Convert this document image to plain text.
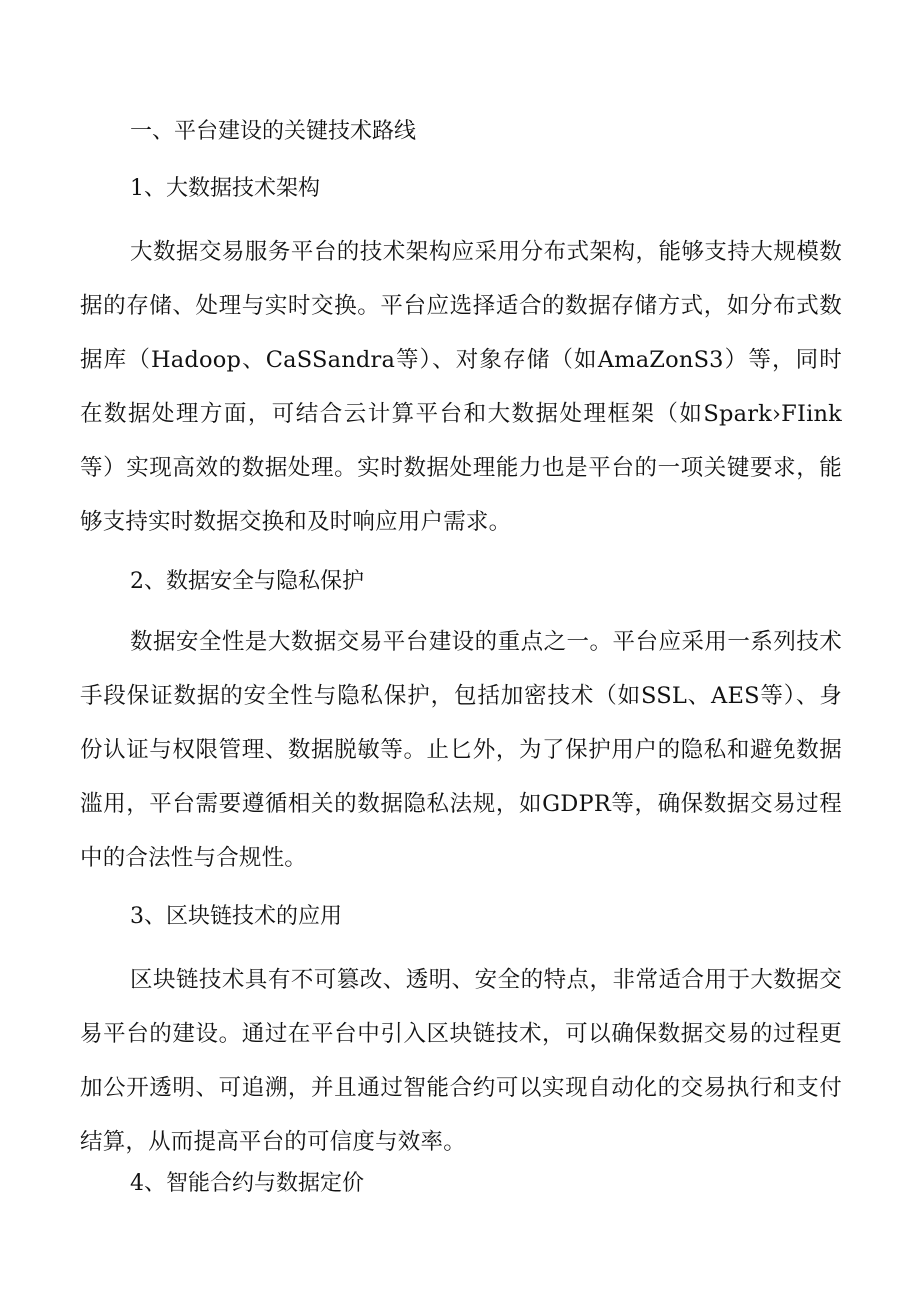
一、平台建设的关键技术路线
1、大数据技术架构
大数据交易服务平台的技术架构应采用分布式架构，能够支持大规模数据的存储、处理与实时交换。平台应选择适合的数据存储方式，如分布式数据库（Hadoop、CaSSandra等）、对象存储（如AmaZonS3）等，同时在数据处理方面，可结合云计算平台和大数据处理框架（如Spark›FIink等）实现高效的数据处理。实时数据处理能力也是平台的一项关键要求，能够支持实时数据交换和及时响应用户需求。
2、数据安全与隐私保护
数据安全性是大数据交易平台建设的重点之一。平台应采用一系列技术手段保证数据的安全性与隐私保护，包括加密技术（如SSL、AES等）、身份认证与权限管理、数据脱敏等。止匕外，为了保护用户的隐私和避免数据滥用，平台需要遵循相关的数据隐私法规，如GDPR等，确保数据交易过程中的合法性与合规性。
3、区块链技术的应用
区块链技术具有不可篡改、透明、安全的特点，非常适合用于大数据交易平台的建设。通过在平台中引入区块链技术，可以确保数据交易的过程更加公开透明、可追溯，并且通过智能合约可以实现自动化的交易执行和支付结算，从而提高平台的可信度与效率。
4、智能合约与数据定价
